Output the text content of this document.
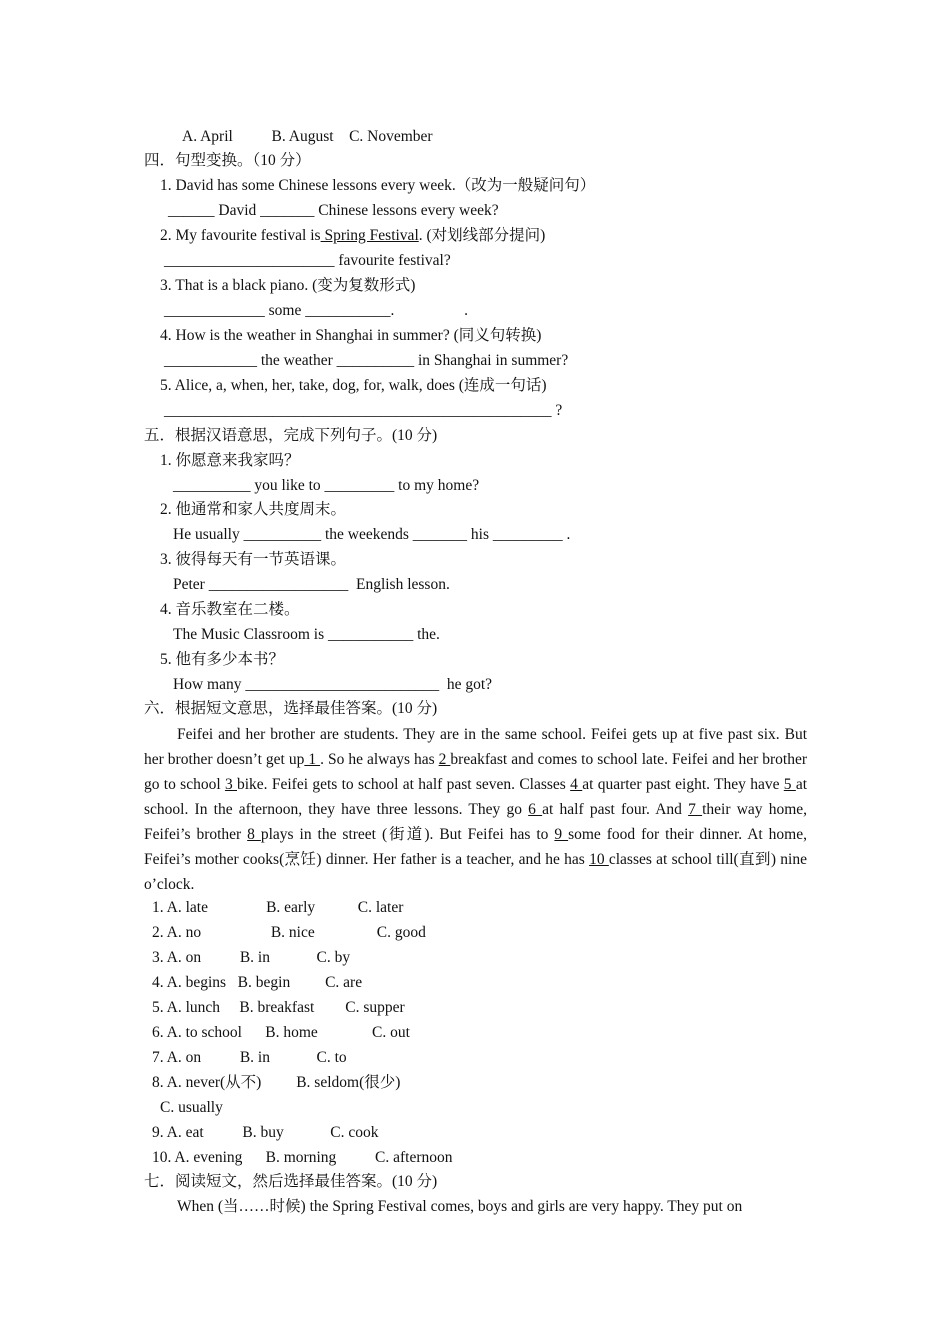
A. April          B. August    C. November
四．句型变换。（10 分）
1. David has some Chinese lessons every week.（改为一般疑问句）
______ David _______ Chinese lessons every week?
2. My favourite festival is Spring Festival. (对划线部分提问)
______________________ favourite festival?
3. That is a black piano. (变为复数形式)
_____________ some ___________.                  .
4. How is the weather in Shanghai in summer? (同义句转换)
____________ the weather __________ in Shanghai in summer?
5. Alice, a, when, her, take, dog, for, walk, does (连成一句话)
__________________________________________________ ?
五．根据汉语意思，完成下列句子。(10 分)
1. 你愿意来我家吗？
__________ you like to _________ to my home?
2. 他通常和家人共度周末。
He usually __________ the weekends _______ his _________ .
3. 彼得每天有一节英语课。
Peter __________________  English lesson.
4. 音乐教室在二楼。
The Music Classroom is ___________ the.
5. 他有多少本书？
How many _________________________  he got?
六．根据短文意思，选择最佳答案。(10 分)
Feifei and her brother are students. They are in the same school. Feifei gets up at five past six. But her brother doesn’t get up 1 . So he always has 2 breakfast and comes to school late. Feifei and her brother go to school 3 bike. Feifei gets to school at half past seven. Classes 4 at quarter past eight. They have 5 at school. In the afternoon, they have three lessons. They go 6 at half past four. And 7 their way home, Feifei’s brother 8 plays in the street (街道). But Feifei has to 9 some food for their dinner. At home, Feifei’s mother cooks(烹饪) dinner. Her father is a teacher, and he has 10 classes at school till(直到) nine o’clock.
1. A. late               B. early           C. later
2. A. no                  B. nice                C. good
3. A. on          B. in            C. by
4. A. begins   B. begin         C. are
5. A. lunch     B. breakfast        C. supper
6. A. to school      B. home              C. out
7. A. on          B. in            C. to
8. A. never(从不)         B. seldom(很少)
C. usually
9. A. eat          B. buy            C. cook
10. A. evening      B. morning          C. afternoon
七．阅读短文，然后选择最佳答案。(10 分)
When (当……时候) the Spring Festival comes, boys and girls are very happy. They put on
